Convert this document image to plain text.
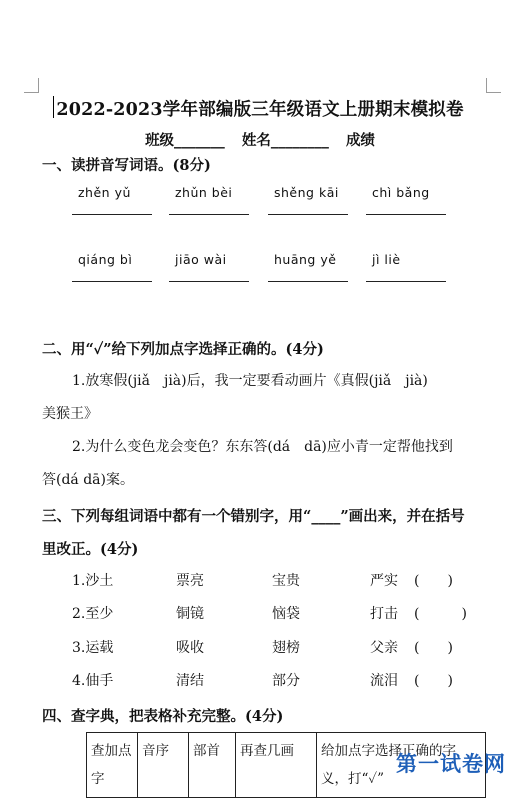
2022-2023学年部编版三年级语文上册期末模拟卷
班级_______ 姓名________ 成绩
一、读拼音写词语。(8分)
zhěn yǔ	zhǔn bèi	shěng kāi	chì bǎng
qiáng bì	jiāo wài	huāng yě	jì liè
二、用“✓”给下列加点字选择正确的。(4分)
1.放寒假(jiǎ　jià)后，我一定要看动画片《真假(jiǎ　jià)
美猴王》
2.为什么变色龙会变色？东东答(dá　dā)应小青一定帮他找到
答(dá dā)案。
三、下列每组词语中都有一个错别字，用“____”画出来，并在括号
里改正。(4分)
1.沙土	票亮	宝贵	严实 (　　)
2.至少	铜镜	恼袋	打击 (　　　)
3.运载	吸收	翅榜	父亲 (　　)
4.伷手	清结	部分	流泪 (　　)
四、查字典，把表格补充完整。(4分)
查加点字	音序	部首	再查几画	给加点字选择正确的字义，打“✓”
第一试卷网
